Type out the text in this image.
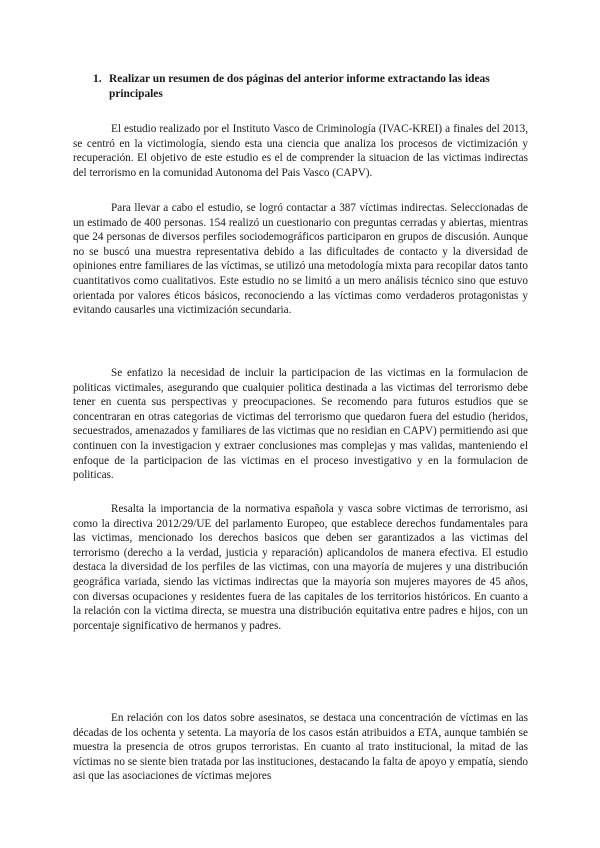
1. Realizar un resumen de dos páginas del anterior informe extractando las ideas principales

El estudio realizado por el Instituto Vasco de Criminología (IVAC-KREI) a finales del 2013, se centró en la victimología, siendo esta una ciencia que analiza los procesos de victimización y recuperación. El objetivo de este estudio es el de comprender la situacion de las victimas indirectas del terrorismo en la comunidad Autonoma del Pais Vasco (CAPV).

Para llevar a cabo el estudio, se logró contactar a 387 víctimas indirectas. Seleccionadas de un estimado de 400 personas. 154 realizó un cuestionario con preguntas cerradas y abiertas, mientras que 24 personas de diversos perfiles sociodemográficos participaron en grupos de discusión. Aunque no se buscó una muestra representativa debido a las dificultades de contacto y la diversidad de opiniones entre familiares de las víctimas, se utilizó una metodología mixta para recopilar datos tanto cuantitativos como cualitativos. Este estudio no se limitó a un mero análisis técnico sino que estuvo orientada por valores éticos básicos, reconociendo a las víctimas como verdaderos protagonistas y evitando causarles una victimización secundaria.

Se enfatizo la necesidad de incluir la participacion de las victimas en la formulacion de politicas victimales, asegurando que cualquier politica destinada a las victimas del terrorismo debe tener en cuenta sus perspectivas y preocupaciones. Se recomendo para futuros estudios que se concentraran en otras categorias de victimas del terrorismo que quedaron fuera del estudio (heridos, secuestrados, amenazados y familiares de las victimas que no residian en CAPV) permitiendo asi que continuen con la investigacion y extraer conclusiones mas complejas y mas validas, manteniendo el enfoque de la participacion de las victimas en el proceso investigativo y en la formulacion de politicas.

Resalta la importancia de la normativa española y vasca sobre victimas de terrorismo, asi como la directiva 2012/29/UE del parlamento Europeo, que establece derechos fundamentales para las victimas, mencionado los derechos basicos que deben ser garantizados a las victimas del terrorismo (derecho a la verdad, justicia y reparación) aplicandolos de manera efectiva. El estudio destaca la diversidad de los perfiles de las victimas, con una mayoría de mujeres y una distribución geográfica variada, siendo las victimas indirectas que la mayoría son mujeres mayores de 45 años, con diversas ocupaciones y residentes fuera de las capitales de los territorios históricos. En cuanto a la relación con la victima directa, se muestra una distribución equitativa entre padres e hijos, con un porcentaje significativo de hermanos y padres.

En relación con los datos sobre asesinatos, se destaca una concentración de víctimas en las décadas de los ochenta y setenta. La mayoría de los casos están atribuidos a ETA, aunque también se muestra la presencia de otros grupos terroristas. En cuanto al trato institucional, la mitad de las víctimas no se siente bien tratada por las instituciones, destacando la falta de apoyo y empatía, siendo asi que las asociaciones de víctimas mejores
